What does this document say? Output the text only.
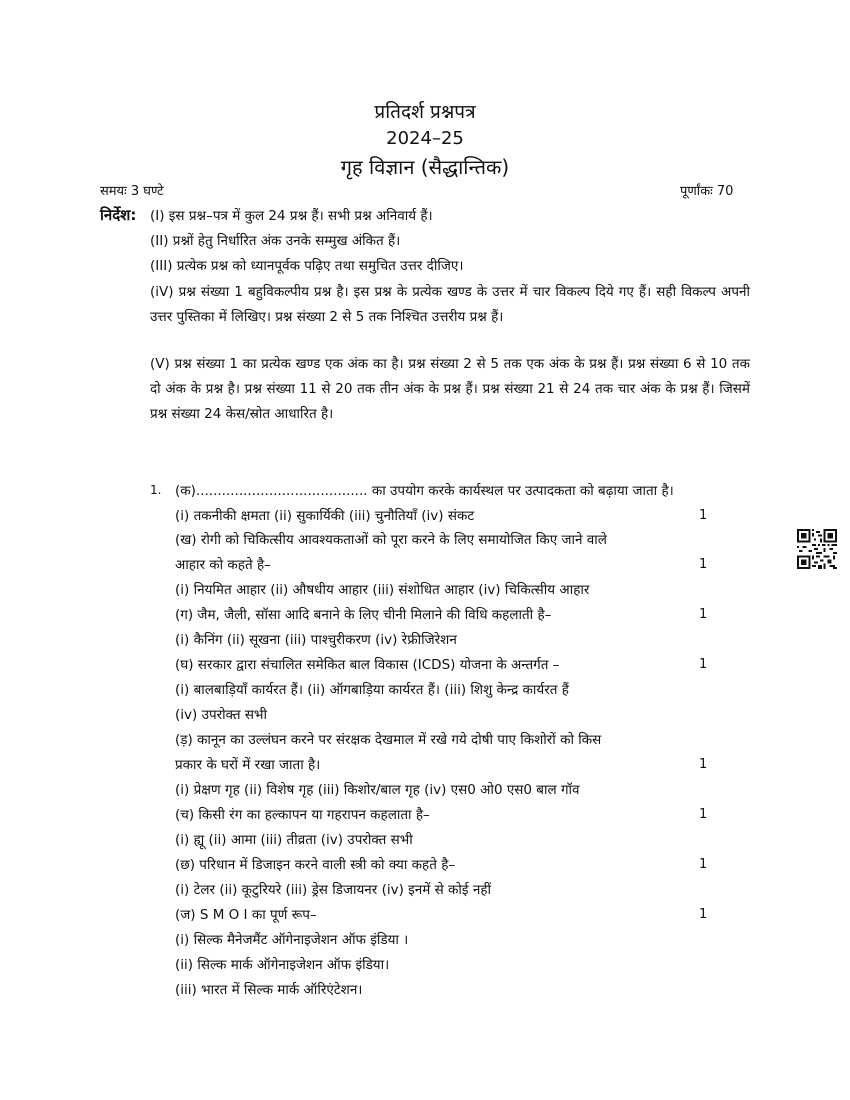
प्रतिदर्श प्रश्नपत्र
2024–25
गृह विज्ञान (सैद्धान्तिक)
समयः 3 घण्टे	पूर्णांकः 70
निर्देश: (I) इस प्रश्न–पत्र में कुल 24 प्रश्न हैं। सभी प्रश्न अनिवार्य हैं।
(II) प्रश्नों हेतु निर्धारित अंक उनके सम्मुख अंकित हैं।
(III) प्रत्येक प्रश्न को ध्यानपूर्वक पढ़िए तथा समुचित उत्तर दीजिए।
(iV) प्रश्न संख्या 1 बहुविकल्पीय प्रश्न है। इस प्रश्न के प्रत्येक खण्ड के उत्तर में चार विकल्प दिये गए हैं। सही विकल्प अपनी उत्तर पुस्तिका में लिखिए। प्रश्न संख्या 2 से 5 तक निश्चित उत्तरीय प्रश्न हैं।
(V) प्रश्न संख्या 1 का प्रत्येक खण्ड एक अंक का है। प्रश्न संख्या 2 से 5 तक एक अंक के प्रश्न हैं। प्रश्न संख्या 6 से 10 तक दो अंक के प्रश्न है। प्रश्न संख्या 11 से 20 तक तीन अंक के प्रश्न हैं। प्रश्न संख्या 21 से 24 तक चार अंक के प्रश्न हैं। जिसमें प्रश्न संख्या 24 केस/स्रोत आधारित है।
1. (क)........................................ का उपयोग करके कार्यस्थल पर उत्पादकता को बढ़ाया जाता है।
(i) तकनीकी क्षमता (ii) सुकार्यिकी (iii) चुनौतियाँ (iv) संकट	1
(ख) रोगी को चिकित्सीय आवश्यकताओं को पूरा करने के लिए समायोजित किए जाने वाले
आहार को कहते है–	1
(i) नियमित आहार (ii) औषधीय आहार (iii) संशोधित आहार (iv) चिकित्सीय आहार
(ग) जैम, जैली, सॉसा आदि बनाने के लिए चीनी मिलाने की विधि कहलाती है–	1
(i) कैनिंग (ii) सूखना (iii) पाश्चुरीकरण (iv) रेफ्रीजिरेशन
(घ) सरकार द्वारा संचालित समेकित बाल विकास (ICDS) योजना के अन्तर्गत –	1
(i) बालबाड़ियाँ कार्यरत हैं। (ii) ऑगबाड़िया कार्यरत हैं। (iii) शिशु केन्द्र कार्यरत हैं
(iv) उपरोक्त सभी
(ड़) कानून का उल्लंघन करने पर संरक्षक देखमाल में रखे गये दोषी पाए किशोरों को किस
प्रकार के घरों में रखा जाता है।	1
(i) प्रेक्षण गृह (ii) विशेष गृह (iii) किशोर/बाल गृह (iv) एस0 ओ0 एस0 बाल गॉव
(च) किसी रंग का हल्कापन या गहरापन कहलाता है–	1
(i) ह्यू (ii) आमा (iii) तीव्रता (iv) उपरोक्त सभी
(छ) परिधान में डिजाइन करने वाली स्त्री को क्या कहते है–	1
(i) टेलर (ii) कूटुरियरे (iii) ड्रेस डिजायनर (iv) इनमें से कोई नहीं
(ज) S M O I का पूर्ण रूप–	1
(i) सिल्क मैनेजमैंट ऑगेनाइजेशन ऑफ इंडिया ।
(ii) सिल्क मार्क ऑगेनाइजेशन ऑफ इंडिया।
(iii) भारत में सिल्क मार्क ऑरिएंटेशन।
